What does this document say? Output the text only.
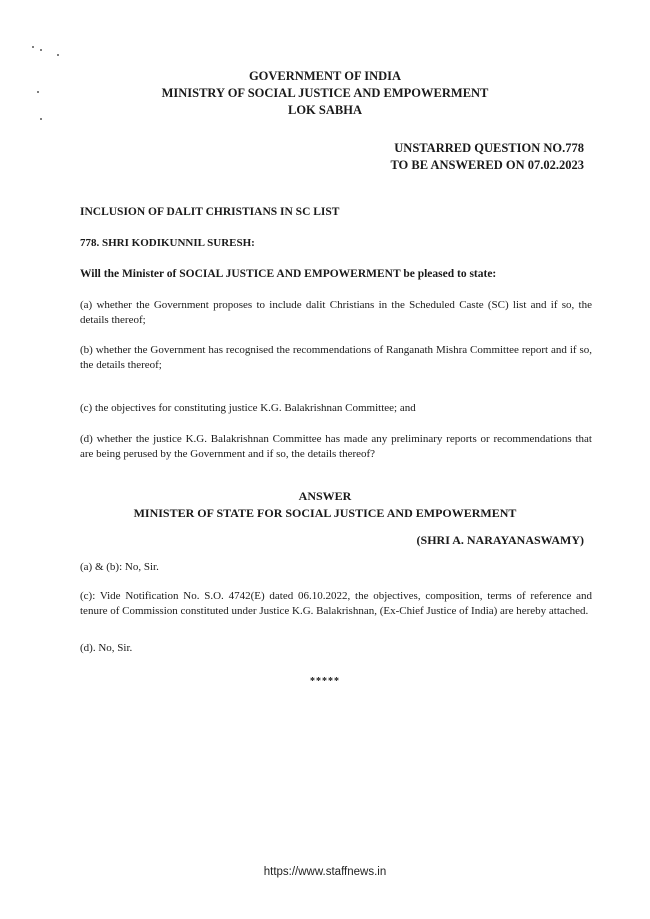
GOVERNMENT OF INDIA
MINISTRY OF SOCIAL JUSTICE AND EMPOWERMENT
LOK SABHA
UNSTARRED QUESTION NO.778
TO BE ANSWERED ON 07.02.2023
INCLUSION OF DALIT CHRISTIANS IN SC LIST
778. SHRI KODIKUNNIL SURESH:
Will the Minister of SOCIAL JUSTICE AND EMPOWERMENT be pleased to state:
(a) whether the Government proposes to include dalit Christians in the Scheduled Caste (SC) list and if so, the details thereof;
(b) whether the Government has recognised the recommendations of Ranganath Mishra Committee report and if so, the details thereof;
(c) the objectives for constituting justice K.G. Balakrishnan Committee; and
(d) whether the justice K.G. Balakrishnan Committee has made any preliminary reports or recommendations that are being perused by the Government and if so, the details thereof?
ANSWER
MINISTER OF STATE FOR SOCIAL JUSTICE AND EMPOWERMENT
(SHRI A. NARAYANASWAMY)
(a) & (b): No, Sir.
(c): Vide Notification No. S.O. 4742(E) dated 06.10.2022, the objectives, composition, terms of reference and tenure of Commission constituted under Justice K.G. Balakrishnan, (Ex-Chief Justice of India) are hereby attached.
(d). No, Sir.
*****
https://www.staffnews.in
